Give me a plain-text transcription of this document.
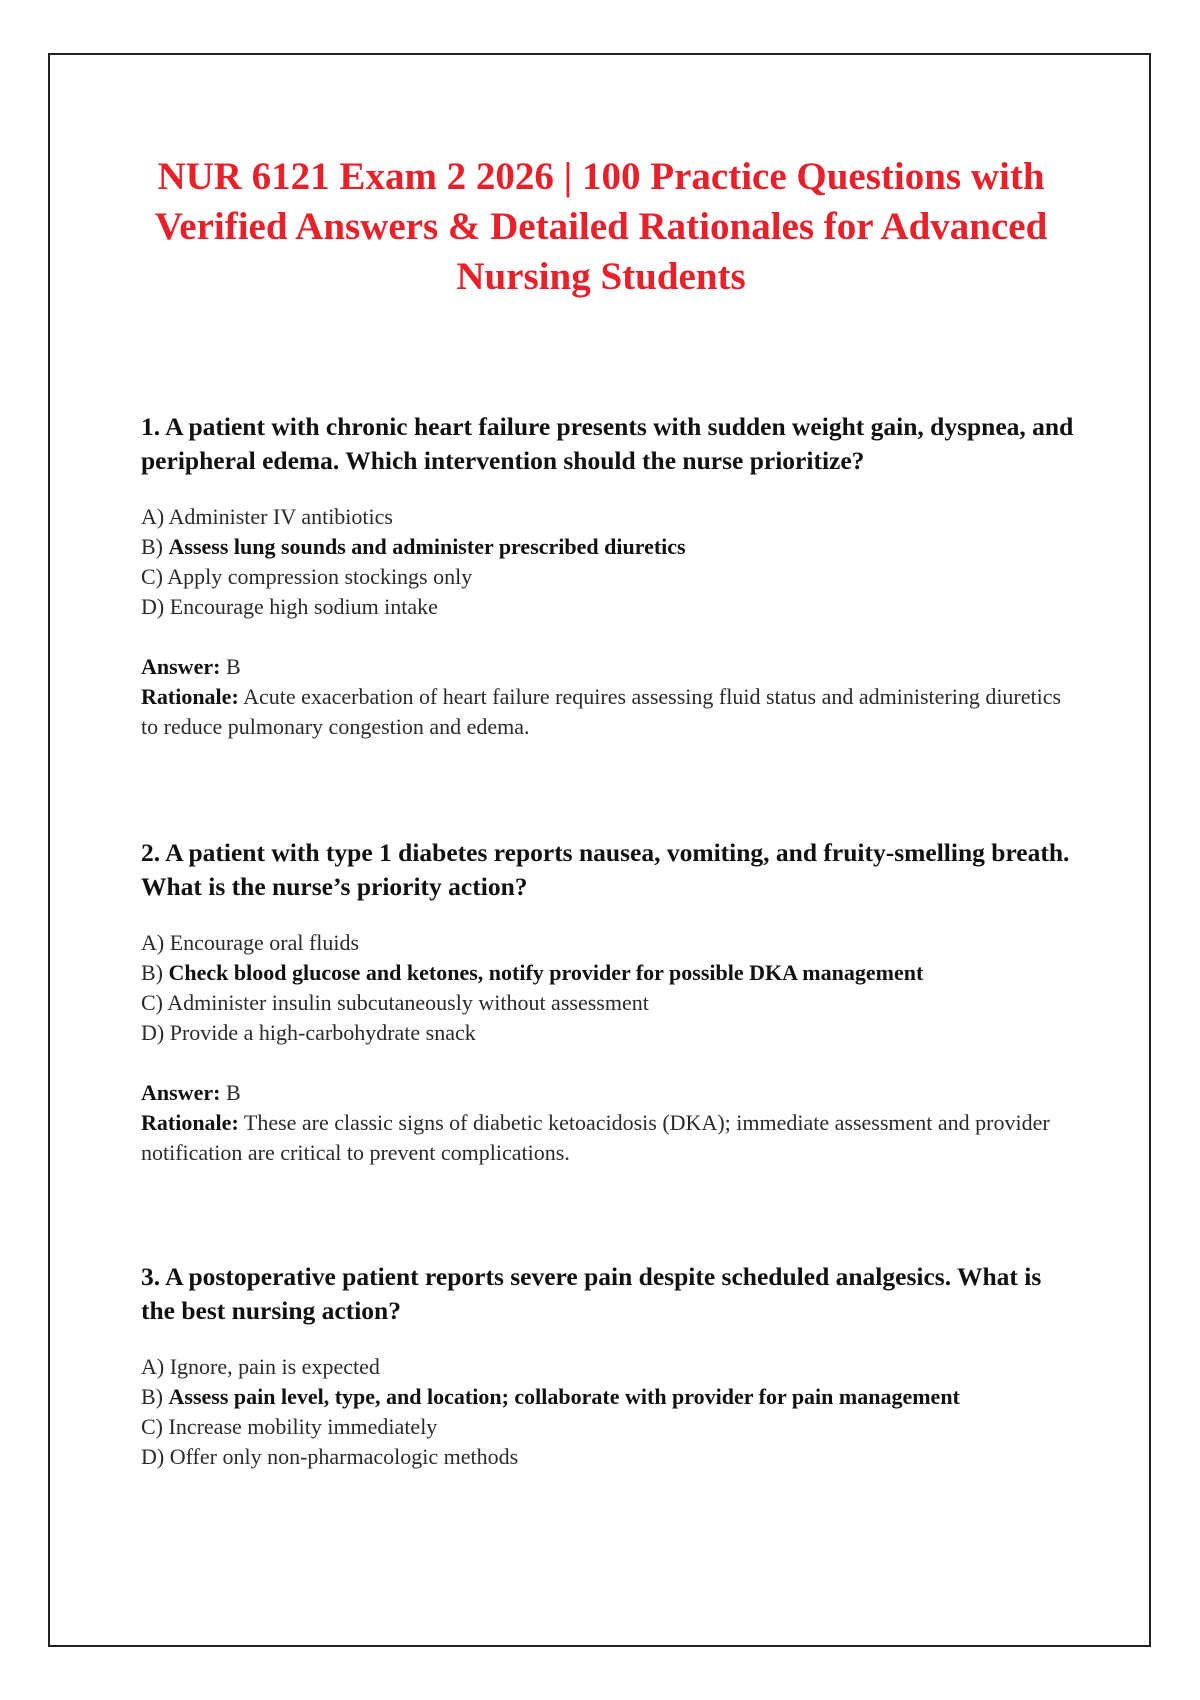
NUR 6121 Exam 2 2026 | 100 Practice Questions with Verified Answers & Detailed Rationales for Advanced Nursing Students

1. A patient with chronic heart failure presents with sudden weight gain, dyspnea, and peripheral edema. Which intervention should the nurse prioritize?

A) Administer IV antibiotics
B) Assess lung sounds and administer prescribed diuretics
C) Apply compression stockings only
D) Encourage high sodium intake

Answer: B

Rationale: Acute exacerbation of heart failure requires assessing fluid status and administering diuretics to reduce pulmonary congestion and edema.

2. A patient with type 1 diabetes reports nausea, vomiting, and fruity-smelling breath. What is the nurse’s priority action?

A) Encourage oral fluids
B) Check blood glucose and ketones, notify provider for possible DKA management
C) Administer insulin subcutaneously without assessment
D) Provide a high-carbohydrate snack

Answer: B

Rationale: These are classic signs of diabetic ketoacidosis (DKA); immediate assessment and provider notification are critical to prevent complications.

3. A postoperative patient reports severe pain despite scheduled analgesics. What is the best nursing action?

A) Ignore, pain is expected
B) Assess pain level, type, and location; collaborate with provider for pain management
C) Increase mobility immediately
D) Offer only non-pharmacologic methods
